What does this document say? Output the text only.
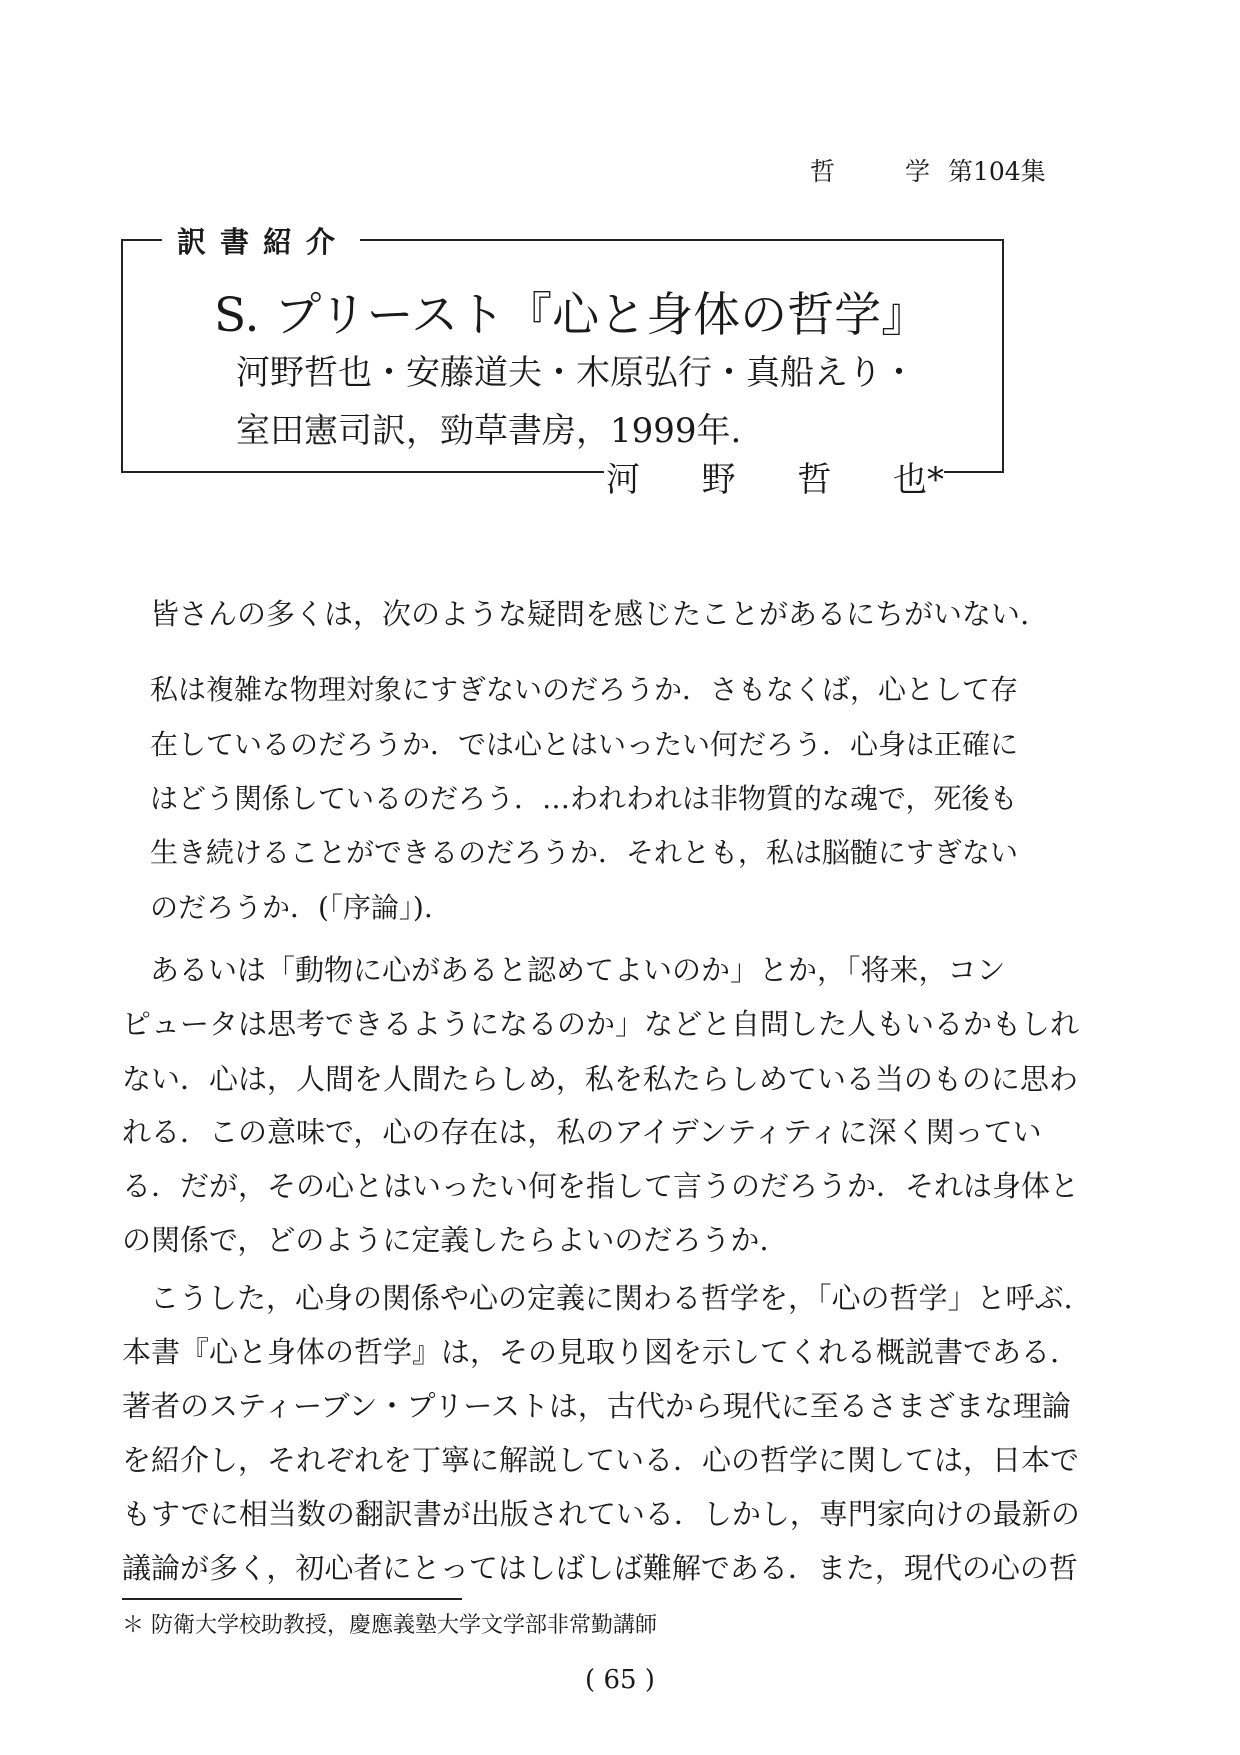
哲	学 第104集
訳書紹介
S. プリースト『心と身体の哲学』
河野哲也・安藤道夫・木原弘行・真船えり・
室田憲司訳，勁草書房，1999年.
河 野 哲 也*
皆さんの多くは，次のような疑問を感じたことがあるにちがいない.
私は複雑な物理対象にすぎないのだろうか．さもなくば，心として存
在しているのだろうか．では心とはいったい何だろう．心身は正確に
はどう関係しているのだろう．…われわれは非物質的な魂で，死後も
生き続けることができるのだろうか．それとも，私は脳髄にすぎない
のだろうか．(「序論」).
あるいは「動物に心があると認めてよいのか」とか，「将来，コン
ピュータは思考できるようになるのか」などと自問した人もいるかもしれ
ない．心は，人間を人間たらしめ，私を私たらしめている当のものに思わ
れる．この意味で，心の存在は，私のアイデンティティに深く関ってい
る．だが，その心とはいったい何を指して言うのだろうか．それは身体と
の関係で，どのように定義したらよいのだろうか.
こうした，心身の関係や心の定義に関わる哲学を，「心の哲学」と呼ぶ.
本書『心と身体の哲学』は，その見取り図を示してくれる概説書である.
著者のスティーブン・プリーストは，古代から現代に至るさまざまな理論
を紹介し，それぞれを丁寧に解説している．心の哲学に関しては，日本で
もすでに相当数の翻訳書が出版されている．しかし，専門家向けの最新の
議論が多く，初心者にとってはしばしば難解である．また，現代の心の哲
＊ 防衛大学校助教授，慶應義塾大学文学部非常勤講師
( 65 )
